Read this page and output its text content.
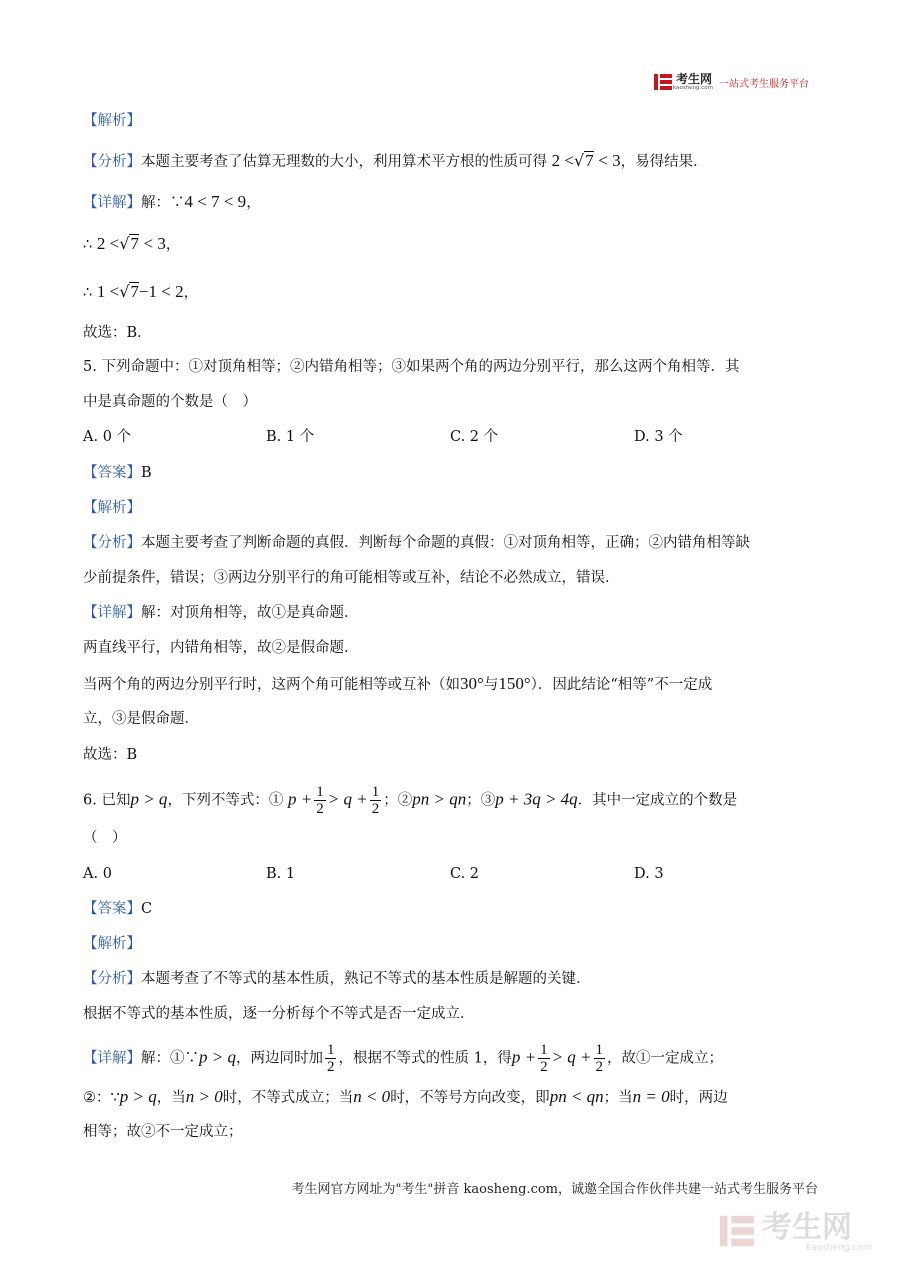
考生网
kaosheng.com 一站式考生服务平台
【解析】
【分析】本题主要考查了估算无理数的大小，利用算术平方根的性质可得 2 <√7 < 3，易得结果．
【详解】解：∵4 < 7 < 9，
∴ 2 <√7 < 3，
∴ 1 <√7−1 < 2，
故选：B．
5. 下列命题中：①对顶角相等；②内错角相等；③如果两个角的两边分别平行，那么这两个角相等．其
中是真命题的个数是（　）
A. 0 个	B. 1 个	C. 2 个	D. 3 个
【答案】B
【解析】
【分析】本题主要考查了判断命题的真假．判断每个命题的真假：①对顶角相等，正确；②内错角相等缺
少前提条件，错误；③两边分别平行的角可能相等或互补，结论不必然成立，错误．
【详解】解：对顶角相等，故①是真命题．
两直线平行，内错角相等，故②是假命题．
当两个角的两边分别平行时，这两个角可能相等或互补（如30°与150°）．因此结论“相等”不一定成
立，③是假命题．
故选：B
6. 已知p > q，下列不等式：① $p + \frac{1}{2} > q + \frac{1}{2}$ ；②pn > qn；③p + 3q > 4q．其中一定成立的个数是
（　）
A. 0	B. 1	C. 2	D. 3
【答案】C
【解析】
【分析】本题考查了不等式的基本性质，熟记不等式的基本性质是解题的关键．
根据不等式的基本性质，逐一分析每个不等式是否一定成立．
【详解】解：①∵p > q，两边同时加 $\frac{1}{2}$ ，根据不等式的性质 1，得$p + \frac{1}{2} > q + \frac{1}{2}$ ，故①一定成立；
②：∵p > q，当n > 0时，不等式成立；当n < 0时，不等号方向改变，即pn < qn；当n = 0时，两边
相等；故②不一定成立；
考生网官方网址为"考生"拼音 kaosheng.com，诚邀全国合作伙伴共建一站式考生服务平台
考生网
kaosheng.com
